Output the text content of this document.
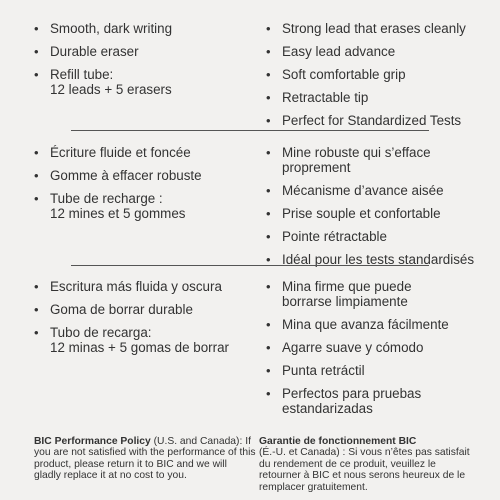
• Smooth, dark writing
• Durable eraser
• Refill tube:
12 leads + 5 erasers
• Strong lead that erases cleanly
• Easy lead advance
• Soft comfortable grip
• Retractable tip
• Perfect for Standardized Tests
• Écriture fluide et foncée
• Gomme à effacer robuste
• Tube de recharge :
12 mines et 5 gommes
• Mine robuste qui s’efface
proprement
• Mécanisme d’avance aisée
• Prise souple et confortable
• Pointe rétractable
• Idéal pour les tests standardisés
• Escritura más fluida y oscura
• Goma de borrar durable
• Tubo de recarga:
12 minas + 5 gomas de borrar
• Mina firme que puede
borrarse limpiamente
• Mina que avanza fácilmente
• Agarre suave y cómodo
• Punta retráctil
• Perfectos para pruebas
estandarizadas
BIC Performance Policy (U.S. and Canada): If you are not satisfied with the performance of this product, please return it to BIC and we will gladly replace it at no cost to you.
Garantie de fonctionnement BIC
(É.-U. et Canada) : Si vous n’êtes pas satisfait du rendement de ce produit, veuillez le retourner à BIC et nous serons heureux de le remplacer gratuitement.
